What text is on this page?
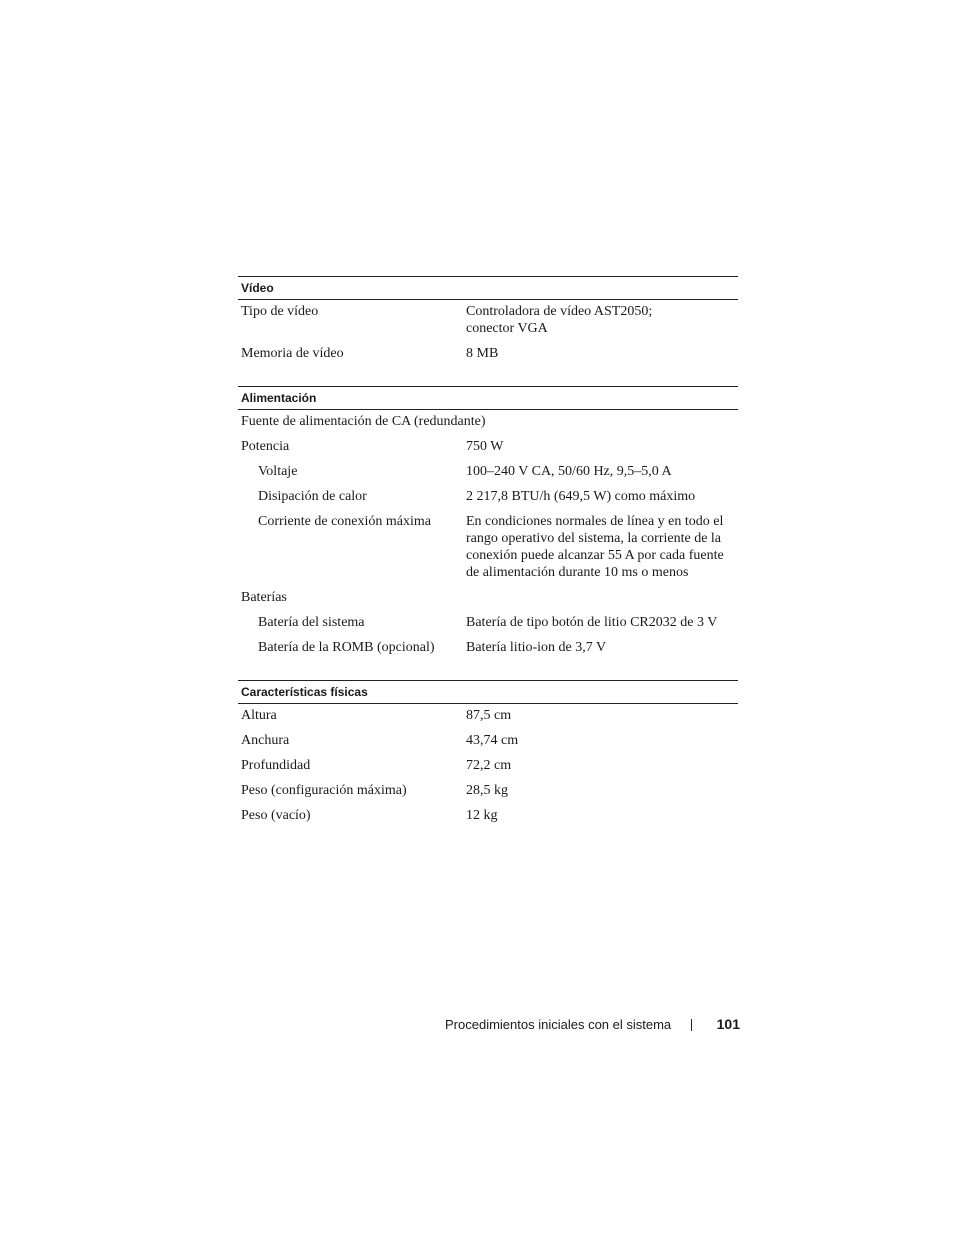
Vídeo
Tipo de vídeo	Controladora de vídeo AST2050;
conector VGA
Memoria de vídeo	8 MB
Alimentación
Fuente de alimentación de CA (redundante)
Potencia	750 W
Voltaje	100–240 V CA, 50/60 Hz, 9,5–5,0 A
Disipación de calor	2 217,8 BTU/h (649,5 W) como máximo
Corriente de conexión máxima	En condiciones normales de línea y en todo el rango operativo del sistema, la corriente de la conexión puede alcanzar 55 A por cada fuente de alimentación durante 10 ms o menos
Baterías
Batería del sistema	Batería de tipo botón de litio CR2032 de 3 V
Batería de la ROMB (opcional)	Batería litio-ion de 3,7 V
Características físicas
Altura	87,5 cm
Anchura	43,74 cm
Profundidad	72,2 cm
Peso (configuración máxima)	28,5 kg
Peso (vacío)	12 kg
Procedimientos iniciales con el sistema	101
